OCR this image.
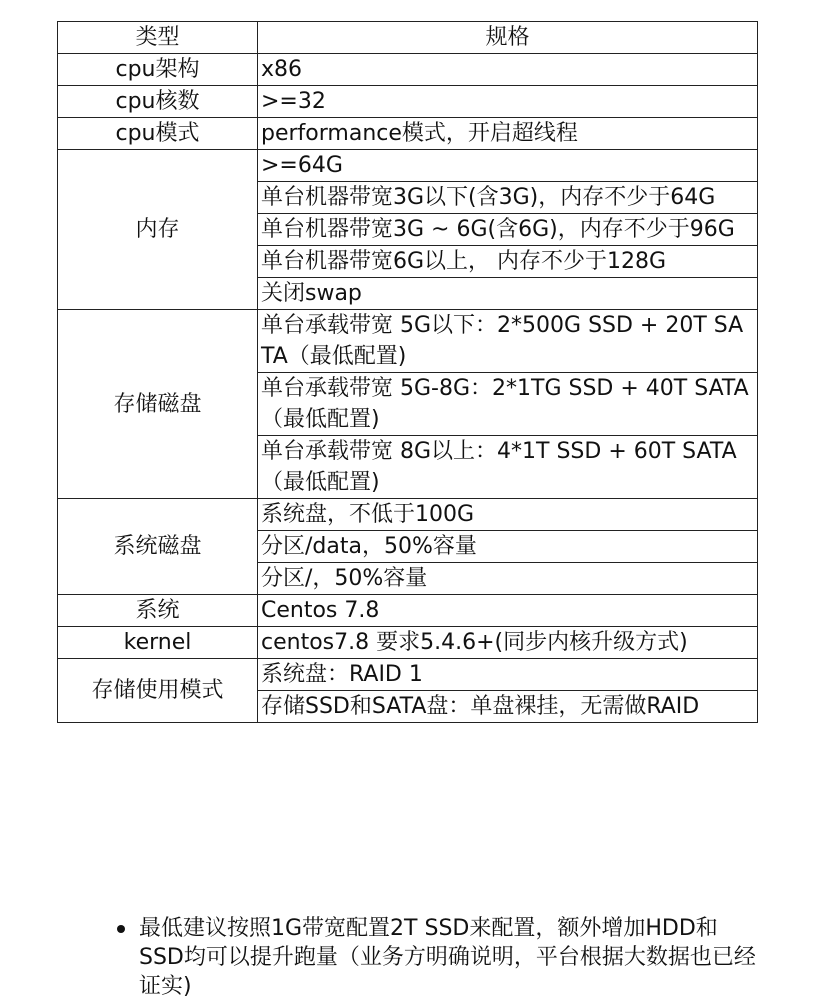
类型	规格
cpu架构	x86
cpu核数	>=32
cpu模式	performance模式，开启超线程
内存	>=64G
	单台机器带宽3G以下(含3G)，内存不少于64G
	单台机器带宽3G ~ 6G(含6G)，内存不少于96G
	单台机器带宽6G以上， 内存不少于128G
	关闭swap
存储磁盘	单台承载带宽 5G以下：2*500G SSD + 20T SATA（最低配置)
	单台承载带宽 5G-8G：2*1TG SSD + 40T SATA（最低配置)
	单台承载带宽 8G以上：4*1T SSD + 60T SATA（最低配置)
系统磁盘	系统盘，不低于100G
	分区/data，50%容量
	分区/，50%容量
系统	Centos 7.8
kernel	centos7.8 要求5.4.6+(同步内核升级方式)
存储使用模式	系统盘：RAID 1
	存储SSD和SATA盘：单盘裸挂，无需做RAID
最低建议按照1G带宽配置2T SSD来配置，额外增加HDD和SSD均可以提升跑量（业务方明确说明，平台根据大数据也已经证实)
